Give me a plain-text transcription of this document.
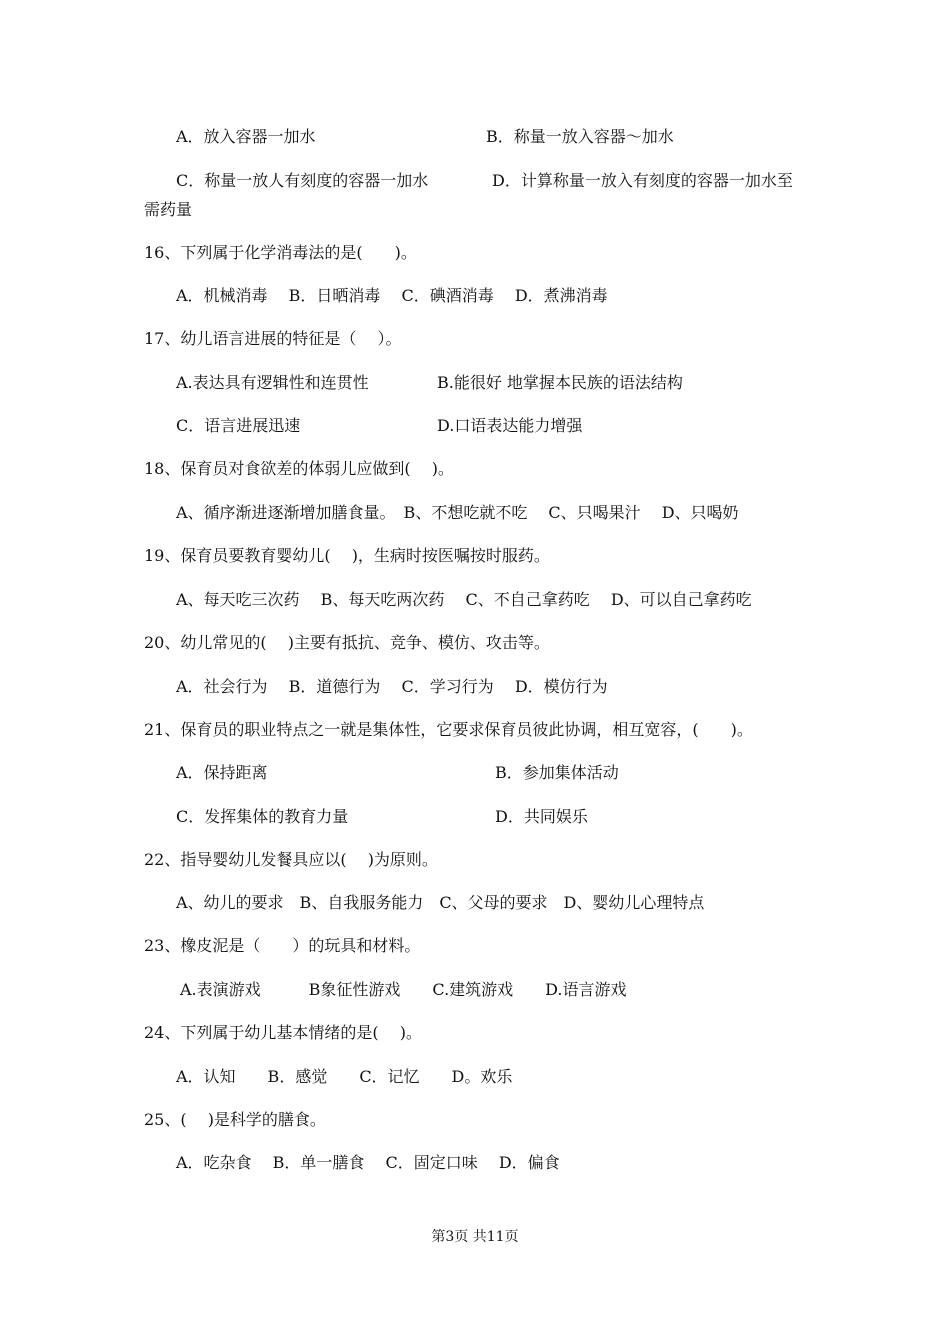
A．放入容器一加水	B．称量一放入容器～加水
C．称量一放人有刻度的容器一加水	D．计算称量一放入有刻度的容器一加水至
需药量
16、下列属于化学消毒法的是(　　)。
A．机械消毒　 B．日晒消毒　 C．碘酒消毒　 D．煮沸消毒
17、幼儿语言进展的特征是（　 ）。
A.表达具有逻辑性和连贯性	B.能很好 地掌握本民族的语法结构
C．语言进展迅速	D.口语表达能力增强
18、保育员对食欲差的体弱儿应做到(　 )。
A、循序渐进逐渐增加膳食量。　B、不想吃就不吃　 C、只喝果汁　 D、只喝奶
19、保育员要教育婴幼儿(　 )，生病时按医嘱按时服药。
A、每天吃三次药　 B、每天吃两次药　 C、不自己拿药吃　 D、可以自己拿药吃
20、幼儿常见的(　 )主要有抵抗、竞争、模仿、攻击等。
A．社会行为　 B．道德行为　 C．学习行为　 D．模仿行为
21、保育员的职业特点之一就是集体性，它要求保育员彼此协调，相互宽容，(　　)。
A．保持距离	B．参加集体活动
C．发挥集体的教育力量	D．共同娱乐
22、指导婴幼儿发餐具应以(　 )为原则。
A、幼儿的要求　B、自我服务能力　C、父母的要求　D、婴幼儿心理特点
23、橡皮泥是（　　）的玩具和材料。
A.表演游戏　　　B象征性游戏　　C.建筑游戏　　D.语言游戏
24、下列属于幼儿基本情绪的是(　 )。
A．认知　　B．感觉　　C．记忆　　D。欢乐
25、(　 )是科学的膳食。
A．吃杂食　 B．单一膳食　 C．固定口味　 D．偏食
第3页 共11页
